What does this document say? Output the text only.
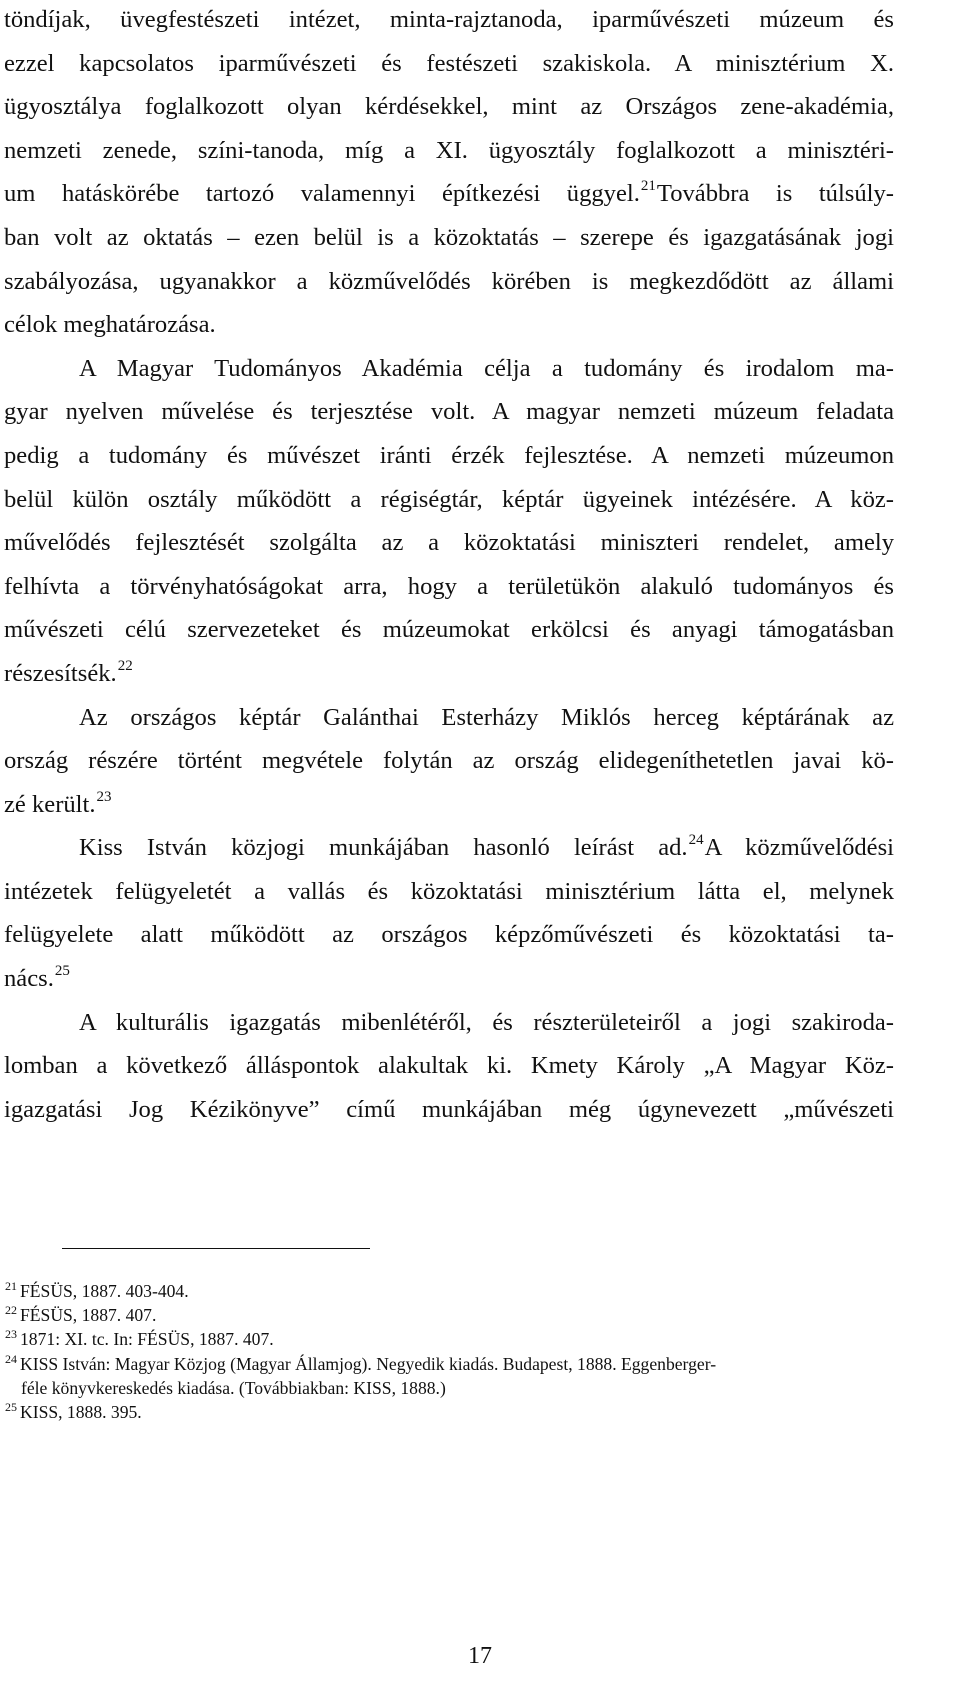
töndíjak, üvegfestészeti intézet, minta-rajztanoda, iparművészeti múzeum és
ezzel kapcsolatos iparművészeti és festészeti szakiskola. A minisztérium X.
ügyosztálya foglalkozott olyan kérdésekkel, mint az Országos zene-akadémia,
nemzeti zenede, színi-tanoda, míg a XI. ügyosztály foglalkozott a minisztéri-
um hatáskörébe tartozó valamennyi építkezési üggyel.$^{21}$Továbbra is túlsúly-
ban volt az oktatás – ezen belül is a közoktatás – szerepe és igazgatásának jogi
szabályozása, ugyanakkor a közművelődés körében is megkezdődött az állami
célok meghatározása.
A Magyar Tudományos Akadémia célja a tudomány és irodalom ma-
gyar nyelven művelése és terjesztése volt. A magyar nemzeti múzeum feladata
pedig a tudomány és művészet iránti érzék fejlesztése. A nemzeti múzeumon
belül külön osztály működött a régiségtár, képtár ügyeinek intézésére. A köz-
művelődés fejlesztését szolgálta az a közoktatási miniszteri rendelet, amely
felhívta a törvényhatóságokat arra, hogy a területükön alakuló tudományos és
művészeti célú szervezeteket és múzeumokat erkölcsi és anyagi támogatásban
részesítsék.$^{22}$
Az országos képtár Galánthai Esterházy Miklós herceg képtárának az
ország részére történt megvétele folytán az ország elidegeníthetetlen javai kö-
zé került.$^{23}$
Kiss István közjogi munkájában hasonló leírást ad.$^{24}$A közművelődési
intézetek felügyeletét a vallás és közoktatási minisztérium látta el, melynek
felügyelete alatt működött az országos képzőművészeti és közoktatási ta-
nács.$^{25}$
A kulturális igazgatás mibenlétéről, és részterületeiről a jogi szakiroda-
lomban a következő álláspontok alakultak ki. Kmety Károly „A Magyar Köz-
igazgatási Jog Kézikönyve” című munkájában még úgynevezett „művészeti
$^{21}$ FÉSÜS, 1887. 403-404.
$^{22}$ FÉSÜS, 1887. 407.
$^{23}$ 1871: XI. tc. In: FÉSÜS, 1887. 407.
$^{24}$ KISS István: Magyar Közjog (Magyar Államjog). Negyedik kiadás. Budapest, 1888. Eggenberger-
féle könyvkereskedés kiadása. (Továbbiakban: KISS, 1888.)
$^{25}$ KISS, 1888. 395.
17
